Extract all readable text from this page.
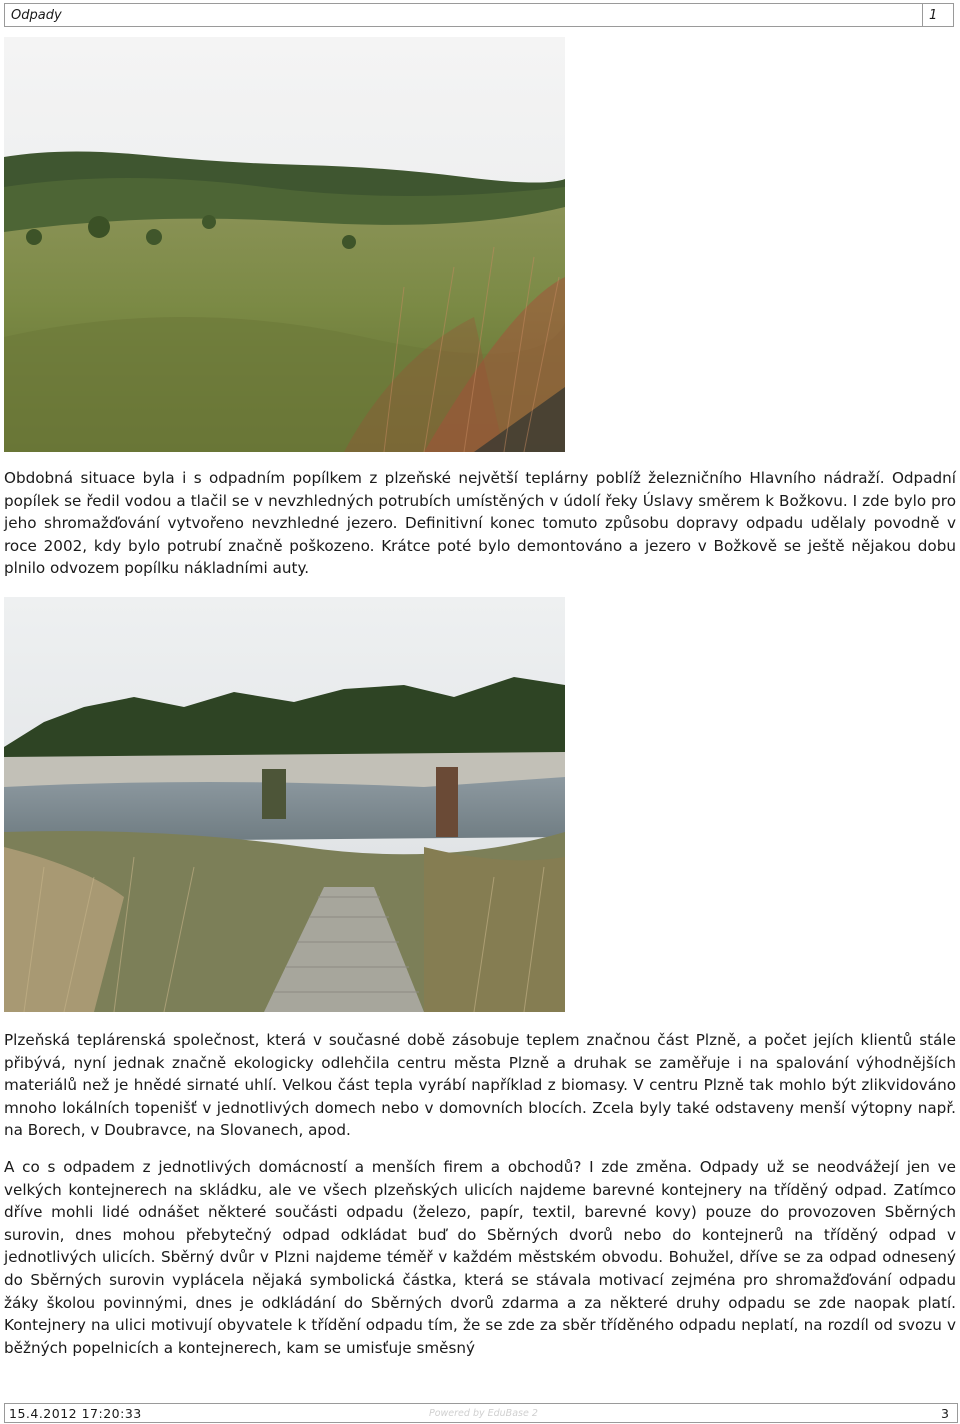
Odpady	1

Obdobná situace byla i s odpadním popílkem z plzeňské největší teplárny poblíž železničního Hlavního nádraží. Odpadní popílek se ředil vodou a tlačil se v nevzhledných potrubích umístěných v údolí řeky Úslavy směrem k Božkovu. I zde bylo pro jeho shromažďování vytvořeno nevzhledné jezero. Definitivní konec tomuto způsobu dopravy odpadu udělaly povodně v roce 2002, kdy bylo potrubí značně poškozeno. Krátce poté bylo demontováno a jezero v Božkově se ještě nějakou dobu plnilo odvozem popílku nákladními auty.

Plzeňská teplárenská společnost, která v současné době zásobuje teplem značnou část Plzně, a počet jejích klientů stále přibývá, nyní jednak značně ekologicky odlehčila centru města Plzně a druhak se zaměřuje i na spalování výhodnějších materiálů než je hnědé sirnaté uhlí. Velkou část tepla vyrábí například z biomasy. V centru Plzně tak mohlo být zlikvidováno mnoho lokálních topenišť v jednotlivých domech nebo v domovních blocích. Zcela byly také odstaveny menší výtopny např. na Borech, v Doubravce, na Slovanech, apod.

A co s odpadem z jednotlivých domácností a menších firem a obchodů? I zde změna. Odpady už se neodvážejí jen ve velkých kontejnerech na skládku, ale ve všech plzeňských ulicích najdeme barevné kontejnery na tříděný odpad. Zatímco dříve mohli lidé odnášet některé součásti odpadu (železo, papír, textil, barevné kovy) pouze do provozoven Sběrných surovin, dnes mohou přebytečný odpad odkládat buď do Sběrných dvorů nebo do kontejnerů na tříděný odpad v jednotlivých ulicích. Sběrný dvůr v Plzni najdeme téměř v každém městském obvodu. Bohužel, dříve se za odpad odnesený do Sběrných surovin vyplácela nějaká symbolická částka, která se stávala motivací zejména pro shromažďování odpadu žáky školou povinnými, dnes je odkládání do Sběrných dvorů zdarma a za některé druhy odpadu se zde naopak platí. Kontejnery na ulici motivují obyvatele k třídění odpadu tím, že se zde za sběr tříděného odpadu neplatí, na rozdíl od svozu v běžných popelnicích a kontejnerech, kam se umisťuje směsný

15.4.2012 17:20:33	Powered by EduBase 2	3
